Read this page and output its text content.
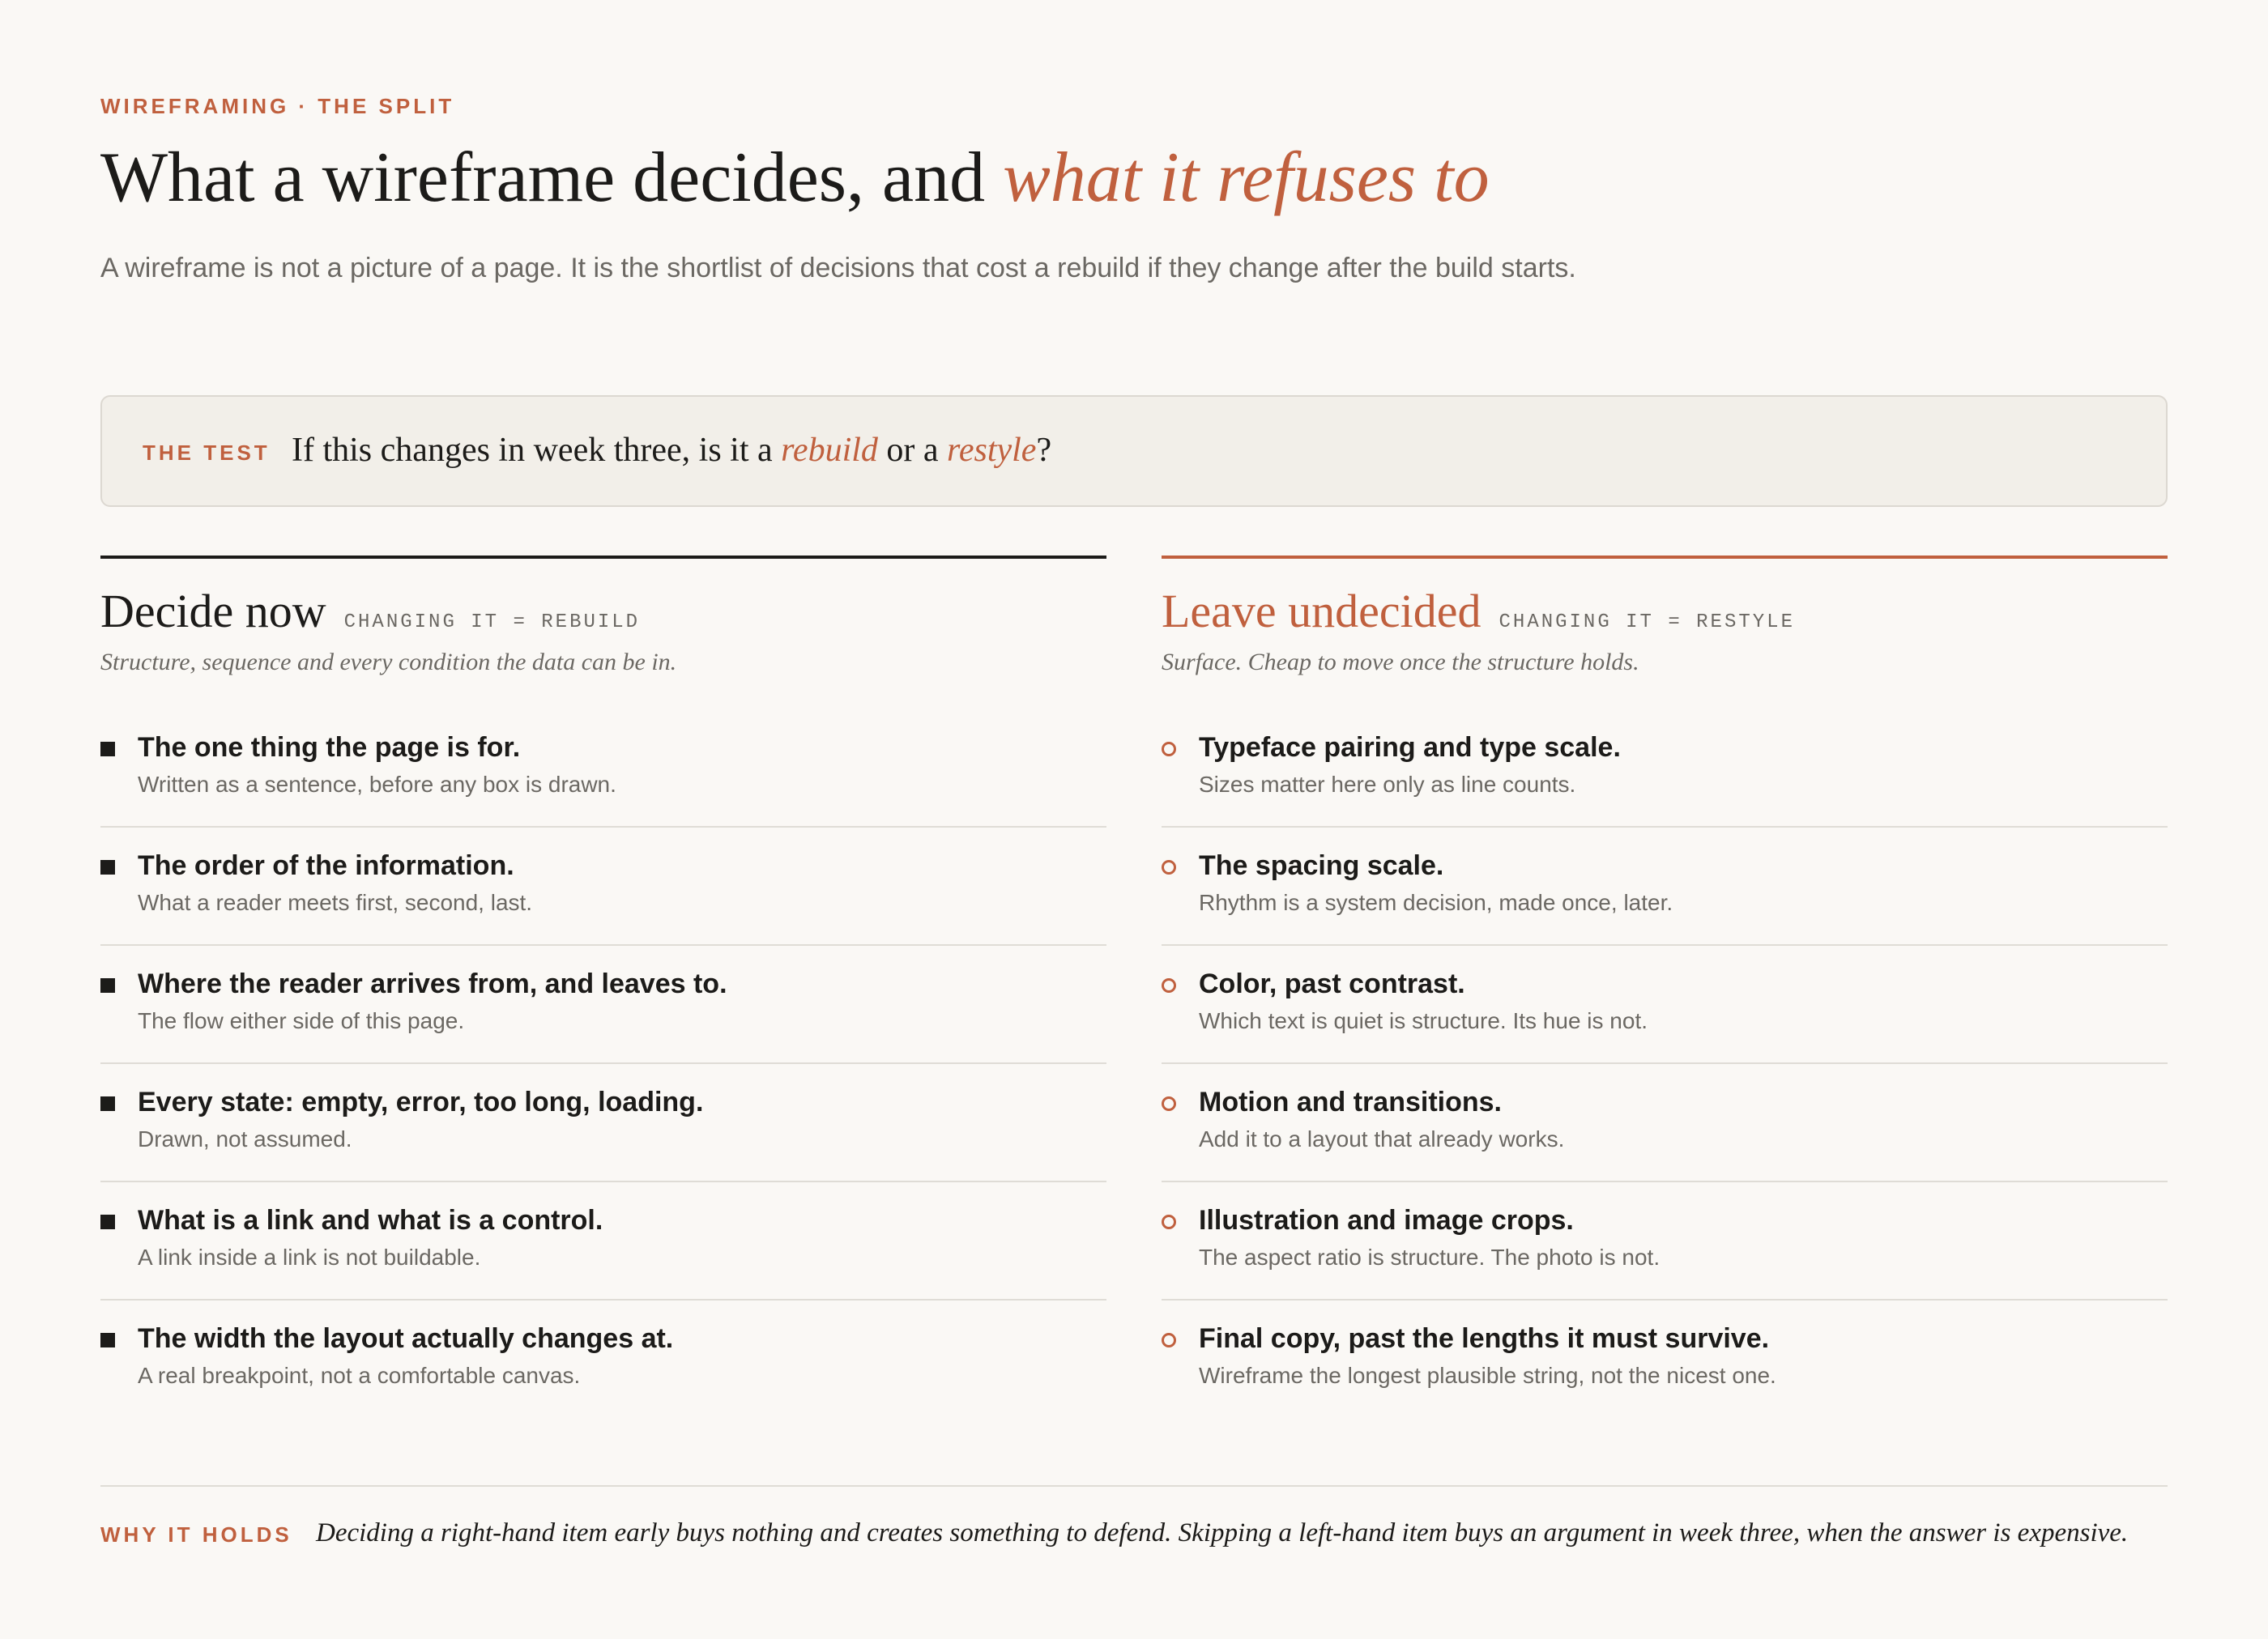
WIREFRAMING · THE SPLIT
What a wireframe decides, and what it refuses to

A wireframe is not a picture of a page. It is the shortlist of decisions that cost a rebuild if they change after the build starts.

THE TEST If this changes in week three, is it a rebuild or a restyle?
Decide now CHANGING IT = REBUILD
Structure, sequence and every condition the data can be in.
The one thing the page is for.
Written as a sentence, before any box is drawn.
The order of the information.
What a reader meets first, second, last.
Where the reader arrives from, and leaves to.
The flow either side of this page.
Every state: empty, error, too long, loading.
Drawn, not assumed.
What is a link and what is a control.
A link inside a link is not buildable.
The width the layout actually changes at.
A real breakpoint, not a comfortable canvas.
Leave undecided CHANGING IT = RESTYLE
Surface. Cheap to move once the structure holds.
Typeface pairing and type scale.
Sizes matter here only as line counts.
The spacing scale.
Rhythm is a system decision, made once, later.
Color, past contrast.
Which text is quiet is structure. Its hue is not.
Motion and transitions.
Add it to a layout that already works.
Illustration and image crops.
The aspect ratio is structure. The photo is not.
Final copy, past the lengths it must survive.
Wireframe the longest plausible string, not the nicest one.
WHY IT HOLDS Deciding a right-hand item early buys nothing and creates something to defend. Skipping a left-hand item buys an argument in week three, when the answer is expensive.
